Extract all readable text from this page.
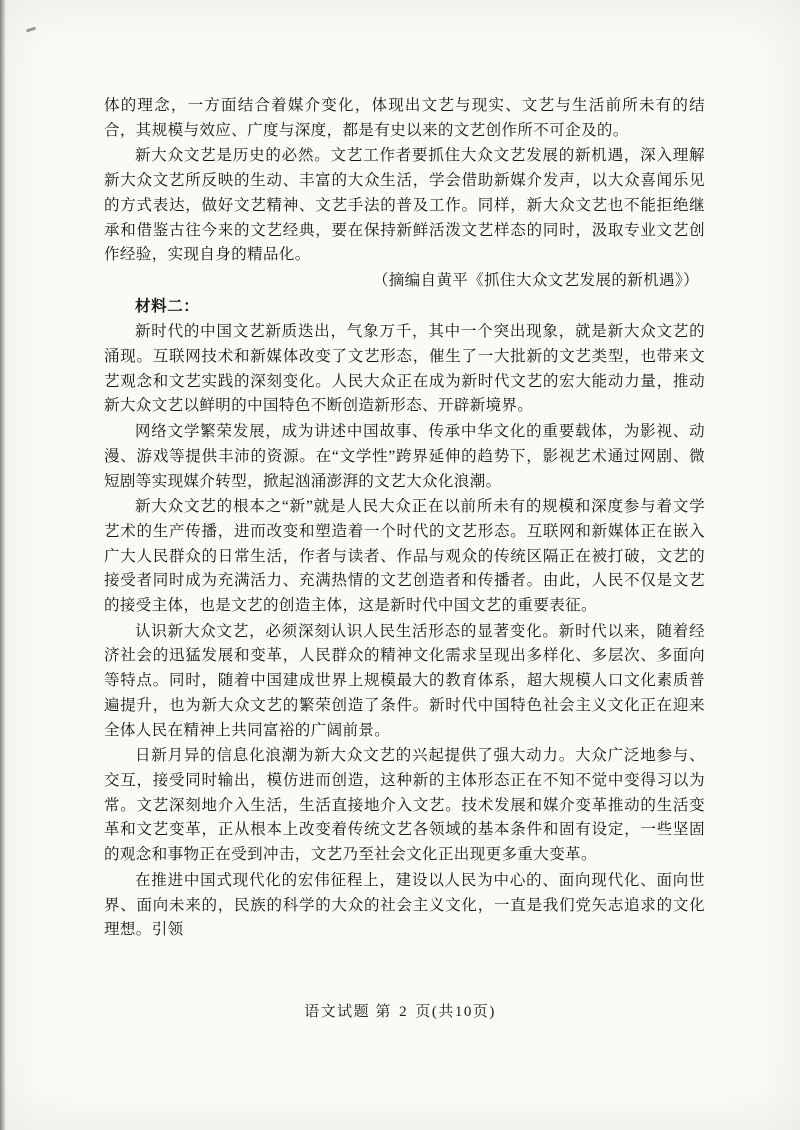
体的理念，一方面结合着媒介变化，体现出文艺与现实、文艺与生活前所未有的结合，其规模与效应、广度与深度，都是有史以来的文艺创作所不可企及的。

新大众文艺是历史的必然。文艺工作者要抓住大众文艺发展的新机遇，深入理解新大众文艺所反映的生动、丰富的大众生活，学会借助新媒介发声，以大众喜闻乐见的方式表达，做好文艺精神、文艺手法的普及工作。同样，新大众文艺也不能拒绝继承和借鉴古往今来的文艺经典，要在保持新鲜活泼文艺样态的同时，汲取专业文艺创作经验，实现自身的精品化。

（摘编自黄平《抓住大众文艺发展的新机遇》）

材料二：

新时代的中国文艺新质迭出，气象万千，其中一个突出现象，就是新大众文艺的涌现。互联网技术和新媒体改变了文艺形态，催生了一大批新的文艺类型，也带来文艺观念和文艺实践的深刻变化。人民大众正在成为新时代文艺的宏大能动力量，推动新大众文艺以鲜明的中国特色不断创造新形态、开辟新境界。

网络文学繁荣发展，成为讲述中国故事、传承中华文化的重要载体，为影视、动漫、游戏等提供丰沛的资源。在“文学性”跨界延伸的趋势下，影视艺术通过网剧、微短剧等实现媒介转型，掀起汹涌澎湃的文艺大众化浪潮。

新大众文艺的根本之“新”就是人民大众正在以前所未有的规模和深度参与着文学艺术的生产传播，进而改变和塑造着一个时代的文艺形态。互联网和新媒体正在嵌入广大人民群众的日常生活，作者与读者、作品与观众的传统区隔正在被打破，文艺的接受者同时成为充满活力、充满热情的文艺创造者和传播者。由此，人民不仅是文艺的接受主体，也是文艺的创造主体，这是新时代中国文艺的重要表征。

认识新大众文艺，必须深刻认识人民生活形态的显著变化。新时代以来，随着经济社会的迅猛发展和变革，人民群众的精神文化需求呈现出多样化、多层次、多面向等特点。同时，随着中国建成世界上规模最大的教育体系，超大规模人口文化素质普遍提升，也为新大众文艺的繁荣创造了条件。新时代中国特色社会主义文化正在迎来全体人民在精神上共同富裕的广阔前景。

日新月异的信息化浪潮为新大众文艺的兴起提供了强大动力。大众广泛地参与、交互，接受同时输出，模仿进而创造，这种新的主体形态正在不知不觉中变得习以为常。文艺深刻地介入生活，生活直接地介入文艺。技术发展和媒介变革推动的生活变革和文艺变革，正从根本上改变着传统文艺各领域的基本条件和固有设定，一些坚固的观念和事物正在受到冲击，文艺乃至社会文化正出现更多重大变革。

在推进中国式现代化的宏伟征程上，建设以人民为中心的、面向现代化、面向世界、面向未来的，民族的科学的大众的社会主义文化，一直是我们党矢志追求的文化理想。引领

语文试题 第 2 页(共10页)
